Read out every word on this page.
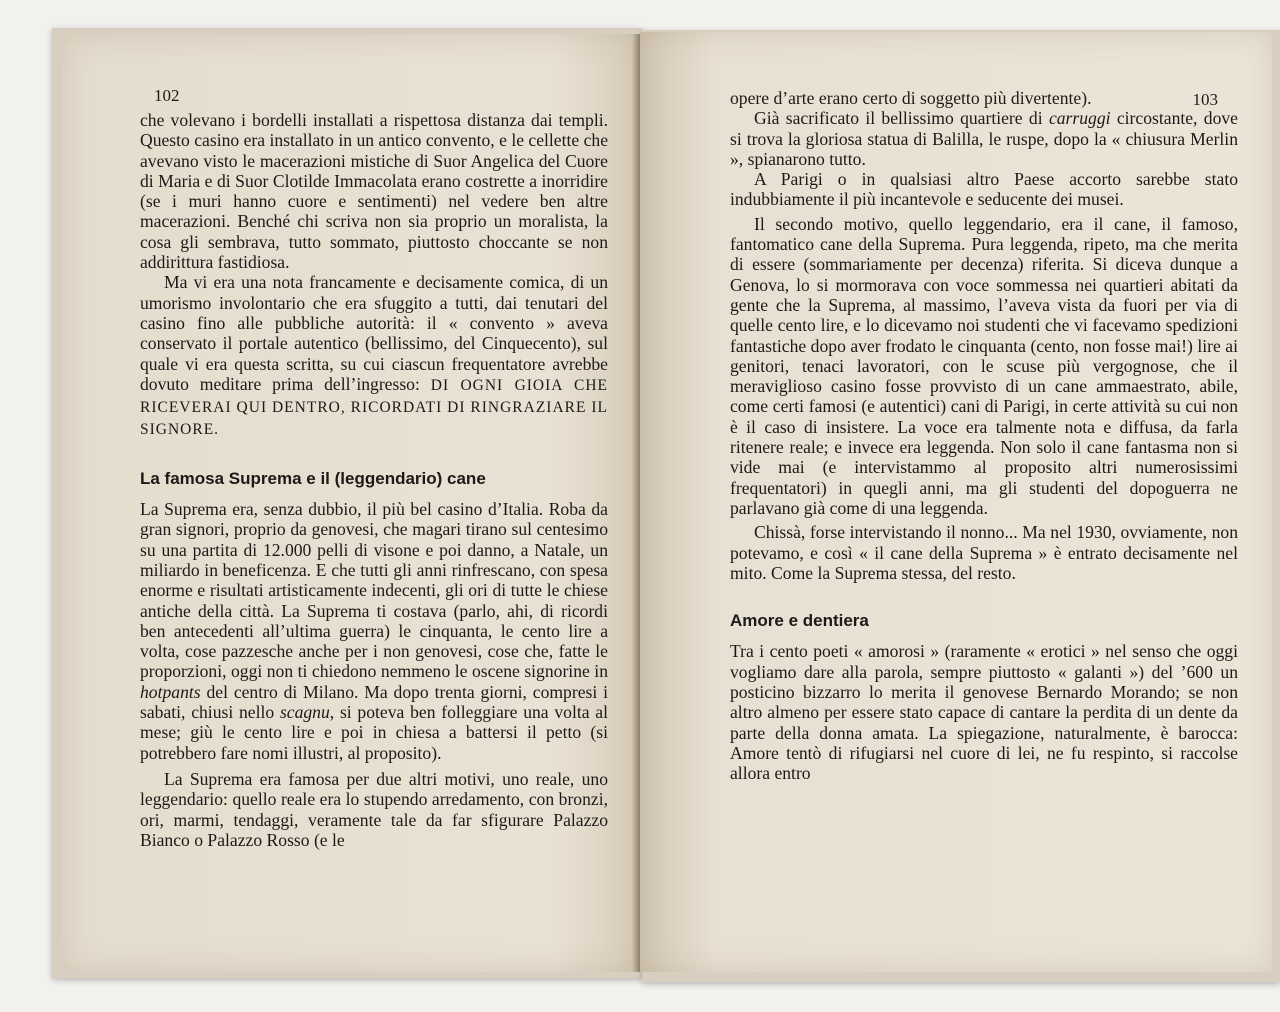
102

che volevano i bordelli installati a rispettosa distanza dai templi. Questo casino era installato in un antico convento, e le cellette che avevano visto le macerazioni mistiche di Suor Angelica del Cuore di Maria e di Suor Clotilde Immacolata erano costrette a inorridire (se i muri hanno cuore e sentimenti) nel vedere ben altre macerazioni. Benché chi scriva non sia proprio un moralista, la cosa gli sembrava, tutto sommato, piuttosto choccante se non addirittura fastidiosa.

Ma vi era una nota francamente e decisamente comica, di un umorismo involontario che era sfuggito a tutti, dai tenutari del casino fino alle pubbliche autorità: il « convento » aveva conservato il portale autentico (bellissimo, del Cinquecento), sul quale vi era questa scritta, su cui ciascun frequentatore avrebbe dovuto meditare prima dell’ingresso: DI OGNI GIOIA CHE RICEVERAI QUI DENTRO, RICORDATI DI RINGRAZIARE IL SIGNORE.

La famosa Suprema e il (leggendario) cane

La Suprema era, senza dubbio, il più bel casino d’Italia. Roba da gran signori, proprio da genovesi, che magari tirano sul centesimo su una partita di 12.000 pelli di visone e poi danno, a Natale, un miliardo in beneficenza. E che tutti gli anni rinfrescano, con spesa enorme e risultati artisticamente indecenti, gli ori di tutte le chiese antiche della città. La Suprema ti costava (parlo, ahi, di ricordi ben antecedenti all’ultima guerra) le cinquanta, le cento lire a volta, cose pazzesche anche per i non genovesi, cose che, fatte le proporzioni, oggi non ti chiedono nemmeno le oscene signorine in hotpants del centro di Milano. Ma dopo trenta giorni, compresi i sabati, chiusi nello scagnu, si poteva ben folleggiare una volta al mese; giù le cento lire e poi in chiesa a battersi il petto (si potrebbero fare nomi illustri, al proposito).

La Suprema era famosa per due altri motivi, uno reale, uno leggendario: quello reale era lo stupendo arredamento, con bronzi, ori, marmi, tendaggi, veramente tale da far sfigurare Palazzo Bianco o Palazzo Rosso (e le

103

opere d’arte erano certo di soggetto più divertente).

Già sacrificato il bellissimo quartiere di carruggi circostante, dove si trova la gloriosa statua di Balilla, le ruspe, dopo la « chiusura Merlin », spianarono tutto.

A Parigi o in qualsiasi altro Paese accorto sarebbe stato indubbiamente il più incantevole e seducente dei musei.

Il secondo motivo, quello leggendario, era il cane, il famoso, fantomatico cane della Suprema. Pura leggenda, ripeto, ma che merita di essere (sommariamente per decenza) riferita. Si diceva dunque a Genova, lo si mormorava con voce sommessa nei quartieri abitati da gente che la Suprema, al massimo, l’aveva vista da fuori per via di quelle cento lire, e lo dicevamo noi studenti che vi facevamo spedizioni fantastiche dopo aver frodato le cinquanta (cento, non fosse mai!) lire ai genitori, tenaci lavoratori, con le scuse più vergognose, che il meraviglioso casino fosse provvisto di un cane ammaestrato, abile, come certi famosi (e autentici) cani di Parigi, in certe attività su cui non è il caso di insistere. La voce era talmente nota e diffusa, da farla ritenere reale; e invece era leggenda. Non solo il cane fantasma non si vide mai (e intervistammo al proposito altri numerosissimi frequentatori) in quegli anni, ma gli studenti del dopoguerra ne parlavano già come di una leggenda.

Chissà, forse intervistando il nonno... Ma nel 1930, ovviamente, non potevamo, e così « il cane della Suprema » è entrato decisamente nel mito. Come la Suprema stessa, del resto.

Amore e dentiera

Tra i cento poeti « amorosi » (raramente « erotici » nel senso che oggi vogliamo dare alla parola, sempre piuttosto « galanti ») del ’600 un posticino bizzarro lo merita il genovese Bernardo Morando; se non altro almeno per essere stato capace di cantare la perdita di un dente da parte della donna amata. La spiegazione, naturalmente, è barocca: Amore tentò di rifugiarsi nel cuore di lei, ne fu respinto, si raccolse allora entro
